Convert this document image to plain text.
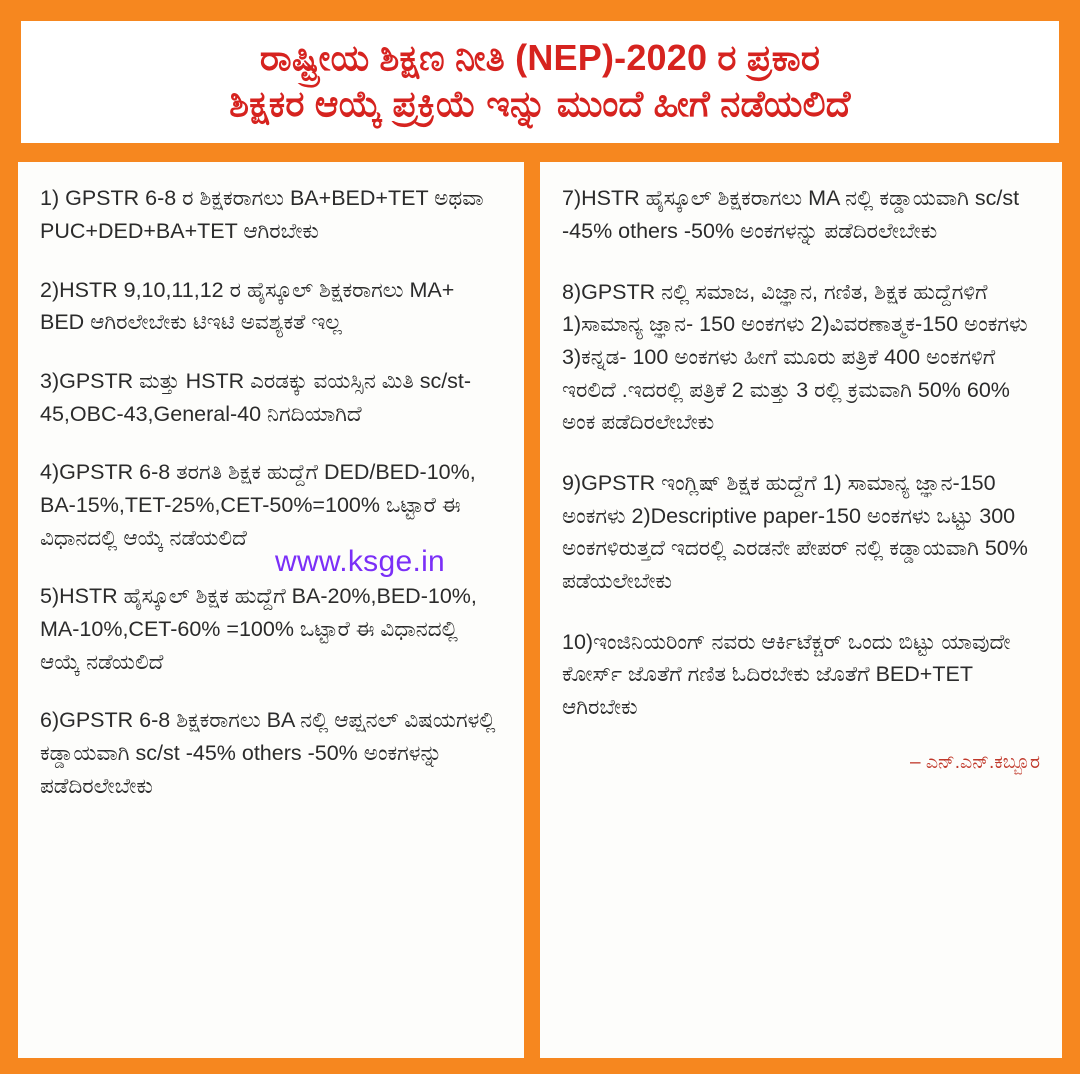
ರಾಷ್ಟ್ರೀಯ ಶಿಕ್ಷಣ ನೀತಿ (NEP)-2020 ರ ಪ್ರಕಾರ
ಶಿಕ್ಷಕರ ಆಯ್ಕೆ ಪ್ರಕ್ರಿಯೆ ಇನ್ನು ಮುಂದೆ ಹೀಗೆ ನಡೆಯಲಿದೆ

1) GPSTR 6-8 ರ ಶಿಕ್ಷಕರಾಗಲು BA+BED+TET ಅಥವಾ PUC+DED+BA+TET ಆಗಿರಬೇಕು

2)HSTR 9,10,11,12 ರ ಹೈಸ್ಕೂಲ್ ಶಿಕ್ಷಕರಾಗಲು MA+ BED ಆಗಿರಲೇಬೇಕು ಟಿಇಟಿ ಅವಶ್ಯಕತೆ ಇಲ್ಲ

3)GPSTR ಮತ್ತು HSTR ಎರಡಕ್ಕು ವಯಸ್ಸಿನ ಮಿತಿ sc/st-45,OBC-43,General-40 ನಿಗದಿಯಾಗಿದೆ

4)GPSTR 6-8 ತರಗತಿ ಶಿಕ್ಷಕ ಹುದ್ದೆಗೆ DED/BED-10%, BA-15%,TET-25%,CET-50%=100% ಒಟ್ಟಾರೆ ಈ ವಿಧಾನದಲ್ಲಿ ಆಯ್ಕೆ ನಡೆಯಲಿದೆ

5)HSTR ಹೈಸ್ಕೂಲ್ ಶಿಕ್ಷಕ ಹುದ್ದೆಗೆ BA-20%,BED-10%, MA-10%,CET-60% =100% ಒಟ್ಟಾರೆ ಈ ವಿಧಾನದಲ್ಲಿ ಆಯ್ಕೆ ನಡೆಯಲಿದೆ

6)GPSTR 6-8 ಶಿಕ್ಷಕರಾಗಲು BA ನಲ್ಲಿ ಆಪ್ಷನಲ್ ವಿಷಯಗಳಲ್ಲಿ ಕಡ್ಡಾಯವಾಗಿ sc/st -45% others -50% ಅಂಕಗಳನ್ನು ಪಡೆದಿರಲೇಬೇಕು

7)HSTR ಹೈಸ್ಕೂಲ್ ಶಿಕ್ಷಕರಾಗಲು MA ನಲ್ಲಿ ಕಡ್ಡಾಯವಾಗಿ sc/st -45% others -50% ಅಂಕಗಳನ್ನು ಪಡೆದಿರಲೇಬೇಕು

8)GPSTR ನಲ್ಲಿ ಸಮಾಜ, ವಿಜ್ಞಾನ, ಗಣಿತ, ಶಿಕ್ಷಕ ಹುದ್ದೆಗಳಿಗೆ 1)ಸಾಮಾನ್ಯ ಜ್ಞಾನ- 150 ಅಂಕಗಳು 2)ವಿವರಣಾತ್ಮಕ-150 ಅಂಕಗಳು 3)ಕನ್ನಡ- 100 ಅಂಕಗಳು ಹೀಗೆ ಮೂರು ಪತ್ರಿಕೆ 400 ಅಂಕಗಳಿಗೆ ಇರಲಿದೆ .ಇದರಲ್ಲಿ ಪತ್ರಿಕೆ 2 ಮತ್ತು 3 ರಲ್ಲಿ ಕ್ರಮವಾಗಿ 50% 60% ಅಂಕ ಪಡೆದಿರಲೇಬೇಕು

9)GPSTR ಇಂಗ್ಲಿಷ್ ಶಿಕ್ಷಕ ಹುದ್ದೆಗೆ 1) ಸಾಮಾನ್ಯ ಜ್ಞಾನ-150 ಅಂಕಗಳು 2)Descriptive paper-150 ಅಂಕಗಳು ಒಟ್ಟು 300 ಅಂಕಗಳಿರುತ್ತದೆ ಇದರಲ್ಲಿ ಎರಡನೇ ಪೇಪರ್ ನಲ್ಲಿ ಕಡ್ಡಾಯವಾಗಿ 50% ಪಡೆಯಲೇಬೇಕು

10)ಇಂಜಿನಿಯರಿಂಗ್ ನವರು ಆರ್ಕಿಟೆಕ್ಚರ್ ಒಂದು ಬಿಟ್ಟು ಯಾವುದೇ ಕೋರ್ಸ್ ಜೊತೆಗೆ ಗಣಿತ ಓದಿರಬೇಕು ಜೊತೆಗೆ BED+TET ಆಗಿರಬೇಕು

– ಎನ್.ಎನ್.ಕಬ್ಬೂರ
www.ksge.in
